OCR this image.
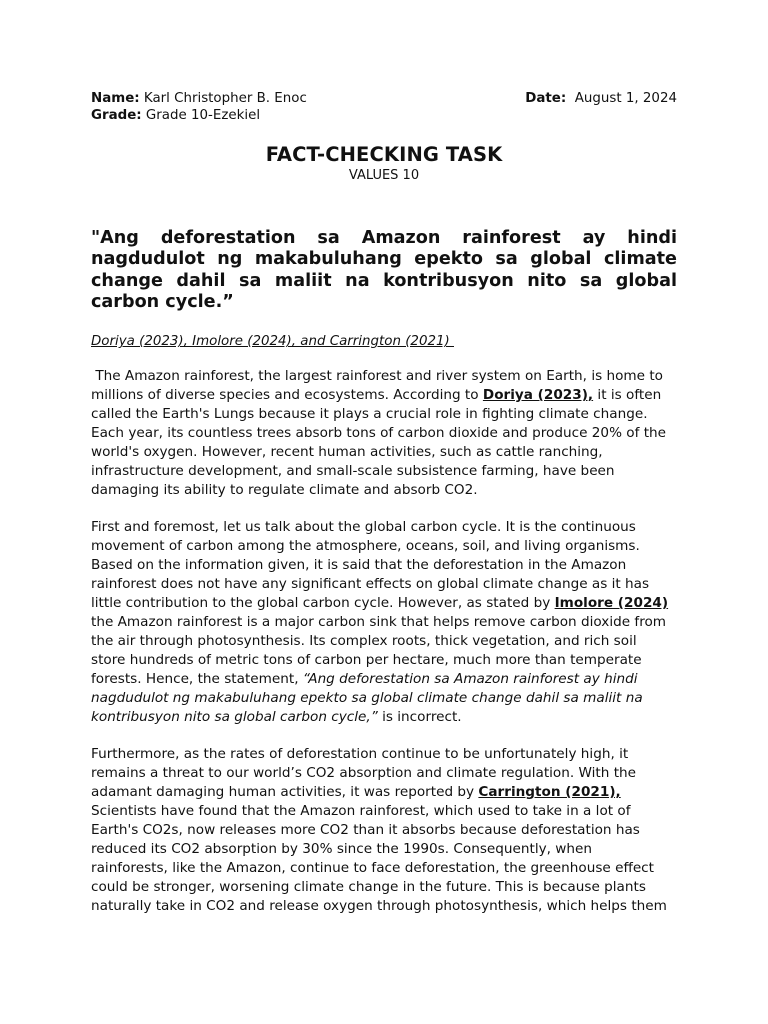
Name: Karl Christopher B. Enoc	Date: August 1, 2024
Grade: Grade 10-Ezekiel
FACT-CHECKING TASK
VALUES 10
"Ang deforestation sa Amazon rainforest ay hindi nagdudulot ng makabuluhang epekto sa global climate change dahil sa maliit na kontribusyon nito sa global carbon cycle.”
Doriya (2023), Imolore (2024), and Carrington (2021)

The Amazon rainforest, the largest rainforest and river system on Earth, is home to
millions of diverse species and ecosystems. According to Doriya (2023), it is often
called the Earth's Lungs because it plays a crucial role in fighting climate change.
Each year, its countless trees absorb tons of carbon dioxide and produce 20% of the
world's oxygen. However, recent human activities, such as cattle ranching,
infrastructure development, and small-scale subsistence farming, have been
damaging its ability to regulate climate and absorb CO2.

First and foremost, let us talk about the global carbon cycle. It is the continuous
movement of carbon among the atmosphere, oceans, soil, and living organisms.
Based on the information given, it is said that the deforestation in the Amazon
rainforest does not have any significant effects on global climate change as it has
little contribution to the global carbon cycle. However, as stated by Imolore (2024)
the Amazon rainforest is a major carbon sink that helps remove carbon dioxide from
the air through photosynthesis. Its complex roots, thick vegetation, and rich soil
store hundreds of metric tons of carbon per hectare, much more than temperate
forests. Hence, the statement, “Ang deforestation sa Amazon rainforest ay hindi
nagdudulot ng makabuluhang epekto sa global climate change dahil sa maliit na
kontribusyon nito sa global carbon cycle,” is incorrect.

Furthermore, as the rates of deforestation continue to be unfortunately high, it
remains a threat to our world’s CO2 absorption and climate regulation. With the
adamant damaging human activities, it was reported by Carrington (2021),
Scientists have found that the Amazon rainforest, which used to take in a lot of
Earth's CO2s, now releases more CO2 than it absorbs because deforestation has
reduced its CO2 absorption by 30% since the 1990s. Consequently, when
rainforests, like the Amazon, continue to face deforestation, the greenhouse effect
could be stronger, worsening climate change in the future. This is because plants
naturally take in CO2 and release oxygen through photosynthesis, which helps them
